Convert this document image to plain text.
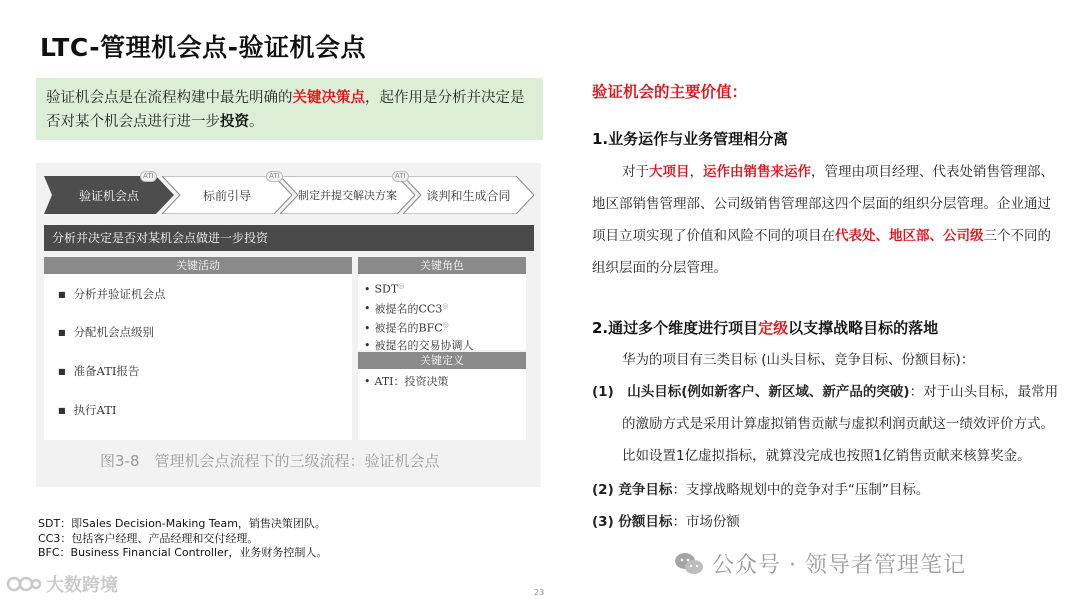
LTC-管理机会点-验证机会点
验证机会点是在流程构建中最先明确的关键决策点，起作用是分析并决定是否对某个机会点进行进一步投资。
验证机会点
ATI
标前引导
ATI
制定并提交解决方案
ATI
谈判和生成合同
分析并决定是否对某机会点做进一步投资
关键活动
■ 分析并验证机会点
■ 分配机会点级别
■ 准备ATI报告
■ 执行ATI
关键角色
• SDT◎
• 被提名的CC3◎
• 被提名的BFC◎
• 被提名的交易协调人
关键定义
• ATI：投资决策
图3-8　管理机会点流程下的三级流程：验证机会点
SDT：即Sales Decision-Making Team，销售决策团队。
CC3：包括客户经理、产品经理和交付经理。
BFC：Business Financial Controller，业务财务控制人。
大数跨境	23
验证机会的主要价值：
1.业务运作与业务管理相分离
对于大项目，运作由销售来运作，管理由项目经理、代表处销售管理部、地区部销售管理部、公司级销售管理部这四个层面的组织分层管理。企业通过项目立项实现了价值和风险不同的项目在代表处、地区部、公司级三个不同的组织层面的分层管理。
2.通过多个维度进行项目定级以支撑战略目标的落地
华为的项目有三类目标 (山头目标、竞争目标、份额目标)：
(1)　山头目标(例如新客户、新区域、新产品的突破)：对于山头目标，最常用的激励方式是采用计算虚拟销售贡献与虚拟利润贡献这一绩效评价方式。比如设置1亿虚拟指标，就算没完成也按照1亿销售贡献来核算奖金。
(2) 竞争目标：支撑战略规划中的竞争对手“压制”目标。
(3) 份额目标：市场份额
公众号 · 领导者管理笔记
